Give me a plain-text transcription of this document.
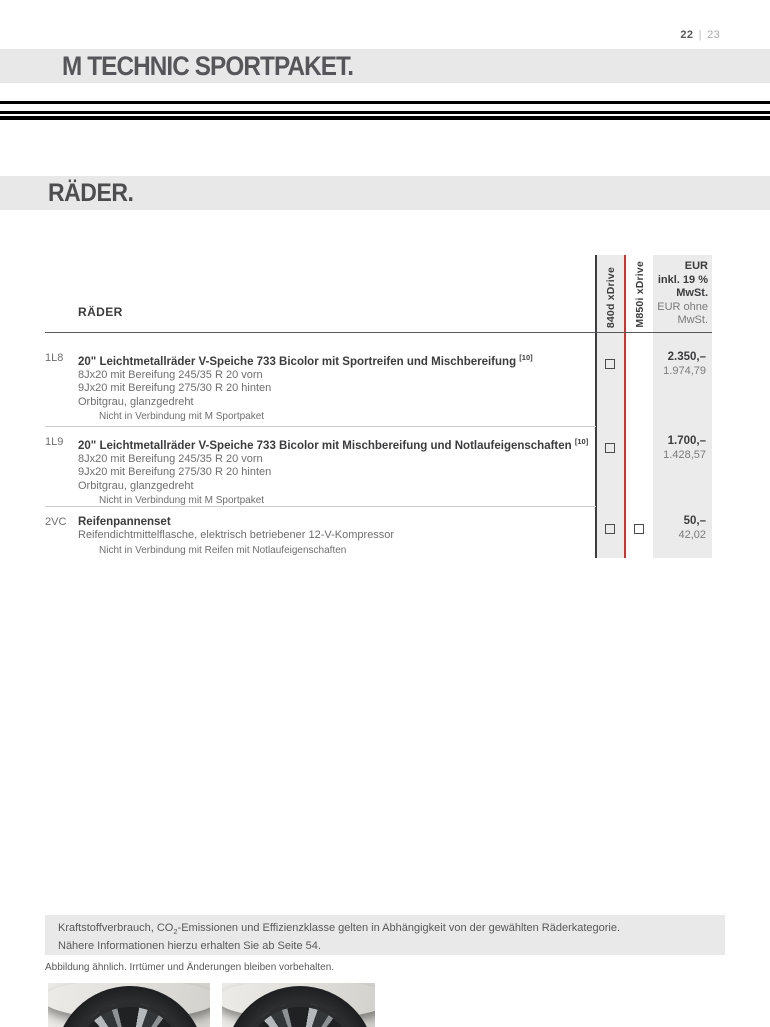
22 | 23
M TECHNIC SPORTPAKET.
RÄDER.
RÄDER	840d xDrive M850i xDrive	EUR
inkl. 19 %
MwSt.
EUR ohne
MwSt.
1L8 20" Leichtmetallräder V-Speiche 733 Bicolor mit Sportreifen und Mischbereifung [10]
8Jx20 mit Bereifung 245/35 R 20 vorn
9Jx20 mit Bereifung 275/30 R 20 hinten
Orbitgrau, glanzgedreht
Nicht in Verbindung mit M Sportpaket
2.350,–
1.974,79
1L9 20" Leichtmetallräder V-Speiche 733 Bicolor mit Mischbereifung und Notlaufeigenschaften [10]
8Jx20 mit Bereifung 245/35 R 20 vorn
9Jx20 mit Bereifung 275/30 R 20 hinten
Orbitgrau, glanzgedreht
Nicht in Verbindung mit M Sportpaket
1.700,–
1.428,57
2VC Reifenpannenset
Reifendichtmittelflasche, elektrisch betriebener 12-V-Kompressor
Nicht in Verbindung mit Reifen mit Notlaufeigenschaften
50,–
42,02
Kraftstoffverbrauch, $CO_2$-Emissionen und Effizienzklasse gelten in Abhängigkeit von der gewählten Räderkategorie.
Nähere Informationen hierzu erhalten Sie ab Seite 54.
Abbildung ähnlich. Irrtümer und Änderungen bleiben vorbehalten.
